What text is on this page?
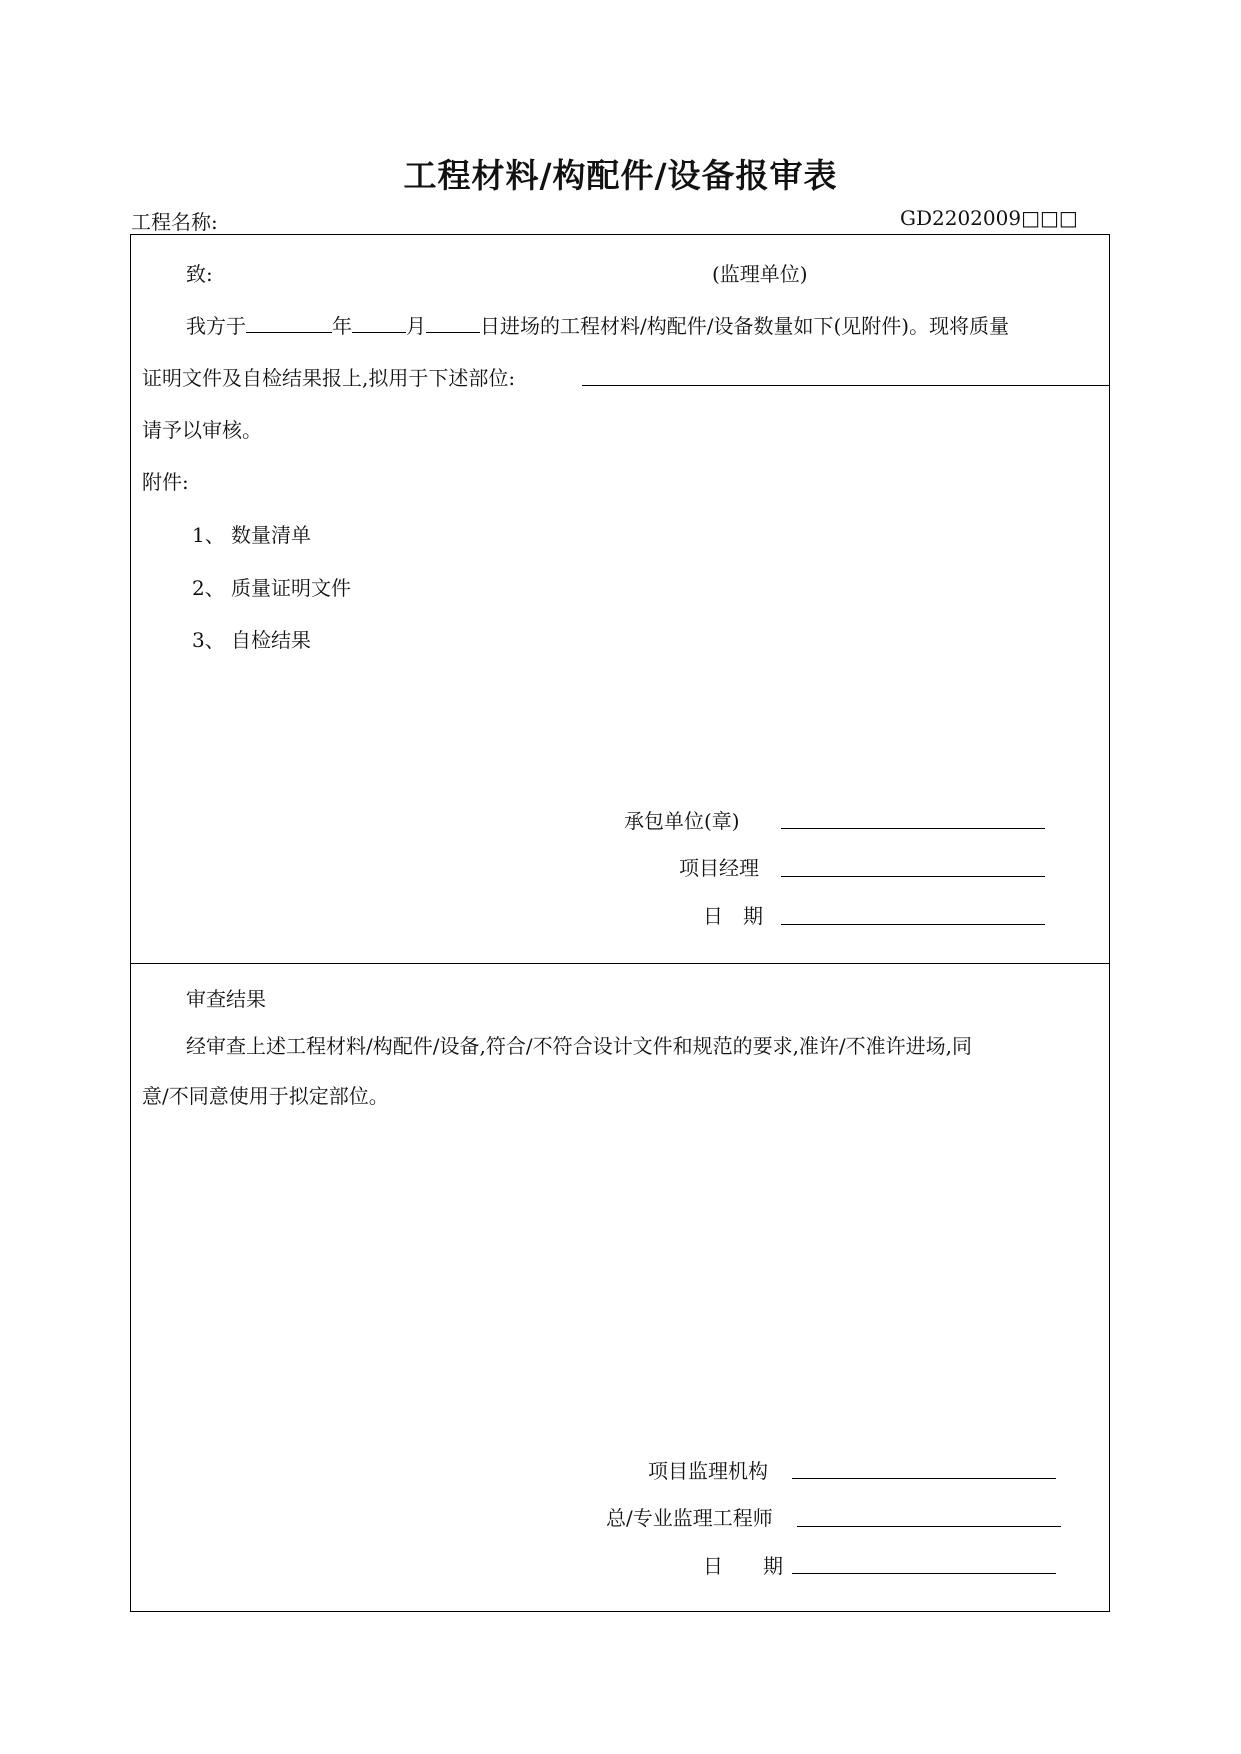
工程材料/构配件/设备报审表
工程名称:	GD2202009□□□
致:	(监理单位)
我方于	年	月	日进场的工程材料/构配件/设备数量如下(见附件)。现将质量
证明文件及自检结果报上,拟用于下述部位:
请予以审核。
附件:
1、 数量清单
2、 质量证明文件
3、 自检结果
承包单位(章)
项目经理
日　期
审查结果
经审查上述工程材料/构配件/设备,符合/不符合设计文件和规范的要求,准许/不准许进场,同
意/不同意使用于拟定部位。
项目监理机构
总/专业监理工程师
日　　期
